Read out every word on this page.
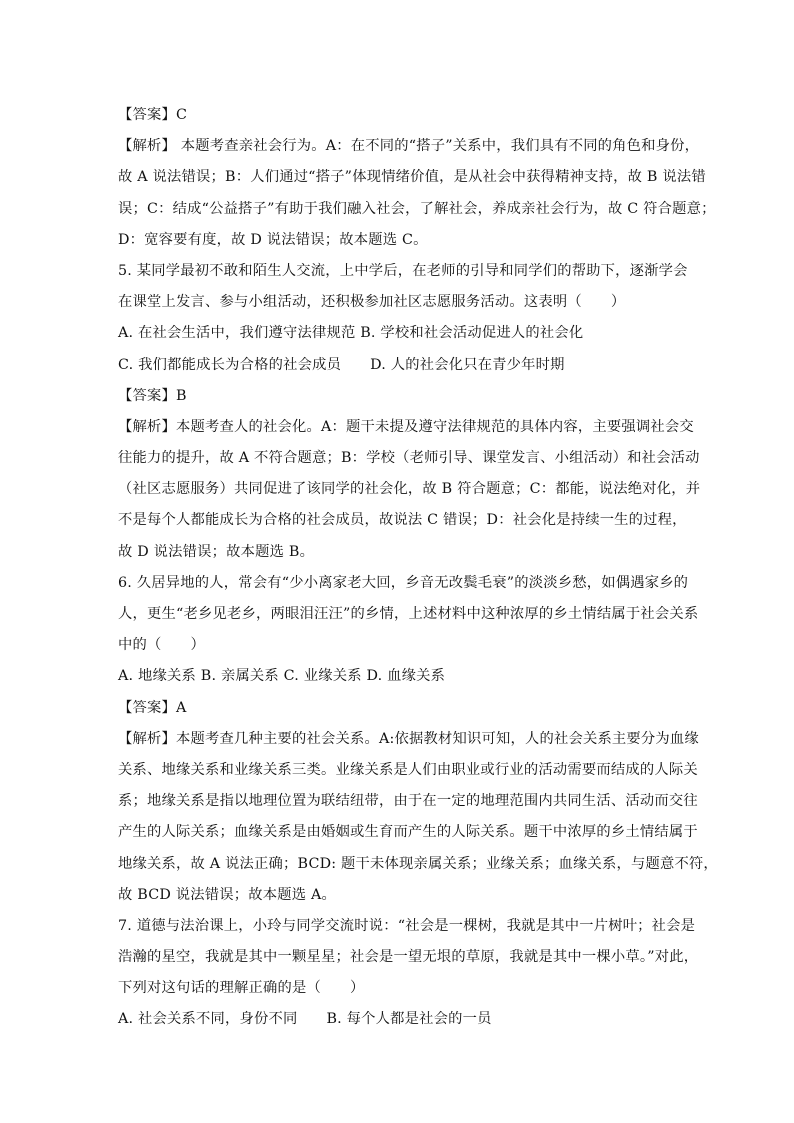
【答案】C
【解析】 本题考查亲社会行为。A：在不同的“搭子”关系中，我们具有不同的角色和身份，
故 A 说法错误；B：人们通过“搭子”体现情绪价值，是从社会中获得精神支持，故 B 说法错
误；C：结成“公益搭子”有助于我们融入社会，了解社会，养成亲社会行为，故 C 符合题意；
D：宽容要有度，故 D 说法错误；故本题选 C。
5. 某同学最初不敢和陌生人交流，上中学后，在老师的引导和同学们的帮助下，逐渐学会
在课堂上发言、参与小组活动，还积极参加社区志愿服务活动。这表明（　　）
A. 在社会生活中，我们遵守法律规范 B. 学校和社会活动促进人的社会化
C. 我们都能成长为合格的社会成员　　D. 人的社会化只在青少年时期
【答案】B
【解析】本题考查人的社会化。A：题干未提及遵守法律规范的具体内容，主要强调社会交
往能力的提升，故 A 不符合题意；B：学校（老师引导、课堂发言、小组活动）和社会活动
（社区志愿服务）共同促进了该同学的社会化，故 B 符合题意；C：都能，说法绝对化，并
不是每个人都能成长为合格的社会成员，故说法 C 错误；D：社会化是持续一生的过程，
故 D 说法错误；故本题选 B。
6. 久居异地的人，常会有“少小离家老大回，乡音无改鬓毛衰”的淡淡乡愁，如偶遇家乡的
人，更生“老乡见老乡，两眼泪汪汪”的乡情，上述材料中这种浓厚的乡土情结属于社会关系
中的（　　）
A. 地缘关系 B. 亲属关系 C. 业缘关系 D. 血缘关系
【答案】A
【解析】本题考查几种主要的社会关系。A:依据教材知识可知，人的社会关系主要分为血缘
关系、地缘关系和业缘关系三类。业缘关系是人们由职业或行业的活动需要而结成的人际关
系；地缘关系是指以地理位置为联结纽带，由于在一定的地理范围内共同生活、活动而交往
产生的人际关系；血缘关系是由婚姻或生育而产生的人际关系。题干中浓厚的乡土情结属于
地缘关系，故 A 说法正确；BCD: 题干未体现亲属关系；业缘关系；血缘关系，与题意不符，
故 BCD 说法错误；故本题选 A。
7. 道德与法治课上，小玲与同学交流时说：“社会是一棵树，我就是其中一片树叶；社会是
浩瀚的星空，我就是其中一颗星星；社会是一望无垠的草原，我就是其中一棵小草。”对此，
下列对这句话的理解正确的是（　　）
A. 社会关系不同，身份不同　　B. 每个人都是社会的一员
